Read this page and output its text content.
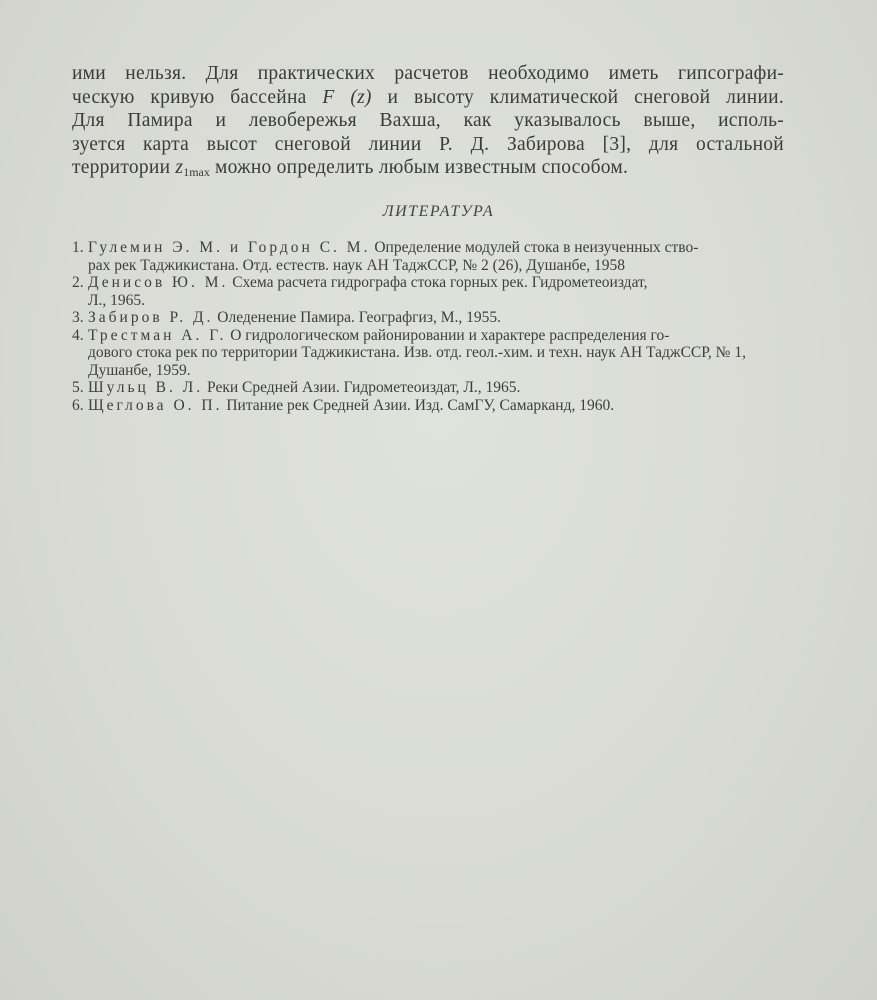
ими нельзя. Для практических расчетов необходимо иметь гипсографи-
ческую кривую бассейна F (z) и высоту климатической снеговой линии.
Для Памира и левобережья Вахша, как указывалось выше, исполь-
зуется карта высот снеговой линии Р. Д. Забирова [3], для остальной
территории $z_{1max}$ можно определить любым известным способом.
ЛИТЕРАТУРА
1. Гулемин Э. М. и Гордон С. М. Определение модулей стока в неизученных ство-
рах рек Таджикистана. Отд. естеств. наук АН ТаджССР, № 2 (26), Душанбе, 1958
2. Денисов Ю. М. Схема расчета гидрографа стока горных рек. Гидрометеоиздат,
Л., 1965.
3. Забиров Р. Д. Оледенение Памира. Географгиз, М., 1955.
4. Трестман А. Г. О гидрологическом районировании и характере распределения го-
дового стока рек по территории Таджикистана. Изв. отд. геол.-хим. и техн. наук АН ТаджССР, № 1, Душанбе, 1959.
5. Шульц В. Л. Реки Средней Азии. Гидрометеоиздат, Л., 1965.
6. Щеглова О. П. Питание рек Средней Азии. Изд. СамГУ, Самарканд, 1960.
